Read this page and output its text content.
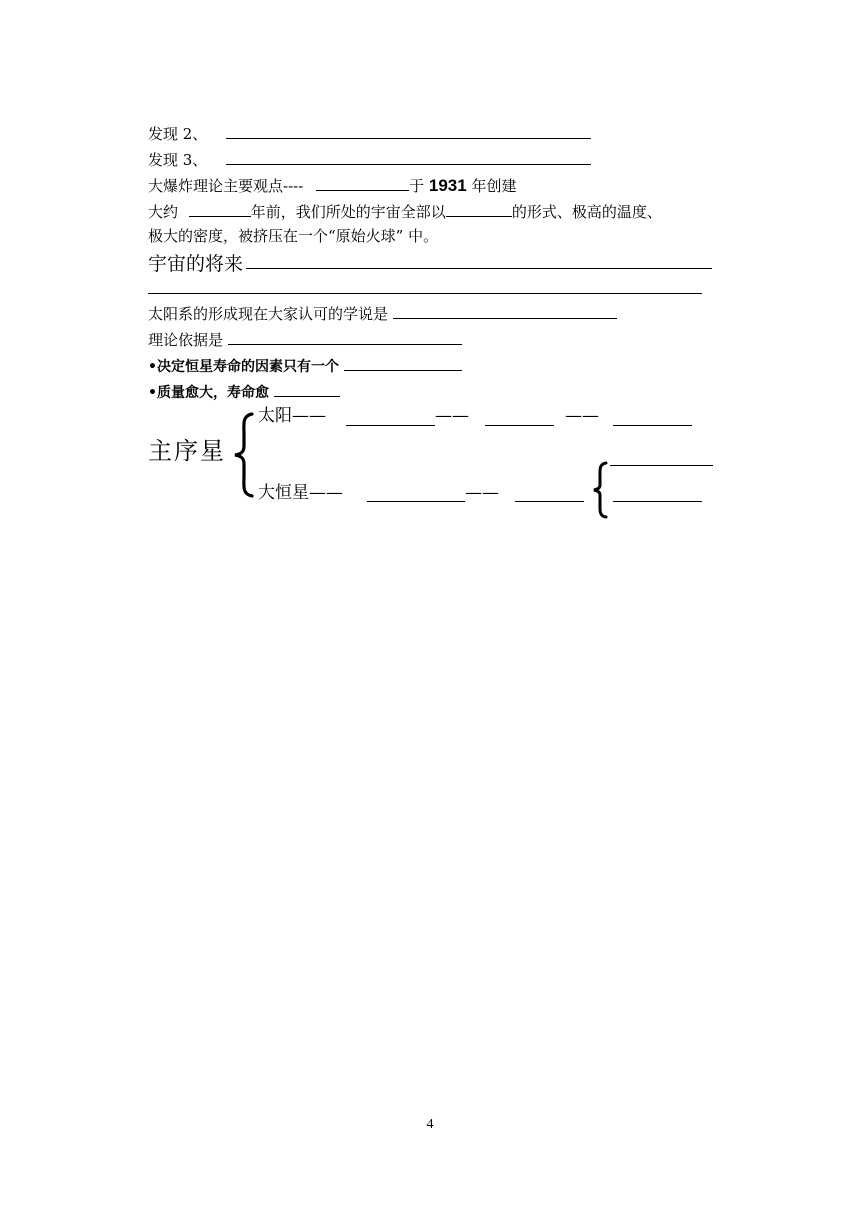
发现 2、
发现 3、
大爆炸理论主要观点----	于 1931 年创建
大约	年前，我们所处的宇宙全部以	的形式、极高的温度、
极大的密度，被挤压在一个“原始火球” 中。
宇宙的将来
太阳系的形成现在大家认可的学说是
理论依据是
•决定恒星寿命的因素只有一个
•质量愈大，寿命愈
主序星
太阳——	——	——
大恒星——	——
4
